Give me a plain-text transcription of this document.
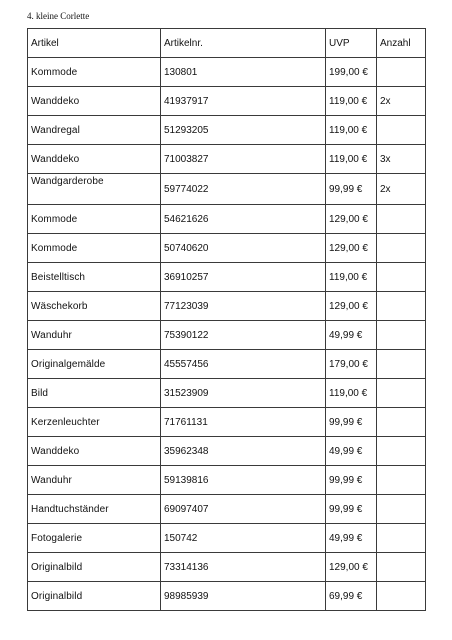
4. kleine Corlette
Artikel	Artikelnr.	UVP	Anzahl
Kommode	130801	199,00 €	
Wanddeko	41937917	119,00 €	2x
Wandregal	51293205	119,00 €	
Wanddeko	71003827	119,00 €	3x
Wandgarderobe	59774022	99,99 €	2x
Kommode	54621626	129,00 €	
Kommode	50740620	129,00 €	
Beistelltisch	36910257	119,00 €	
Wäschekorb	77123039	129,00 €	
Wanduhr	75390122	49,99 €	
Originalgemälde	45557456	179,00 €	
Bild	31523909	119,00 €	
Kerzenleuchter	71761131	99,99 €	
Wanddeko	35962348	49,99 €	
Wanduhr	59139816	99,99 €	
Handtuchständer	69097407	99,99 €	
Fotogalerie	150742	49,99 €	
Originalbild	73314136	129,00 €	
Originalbild	98985939	69,99 €	
